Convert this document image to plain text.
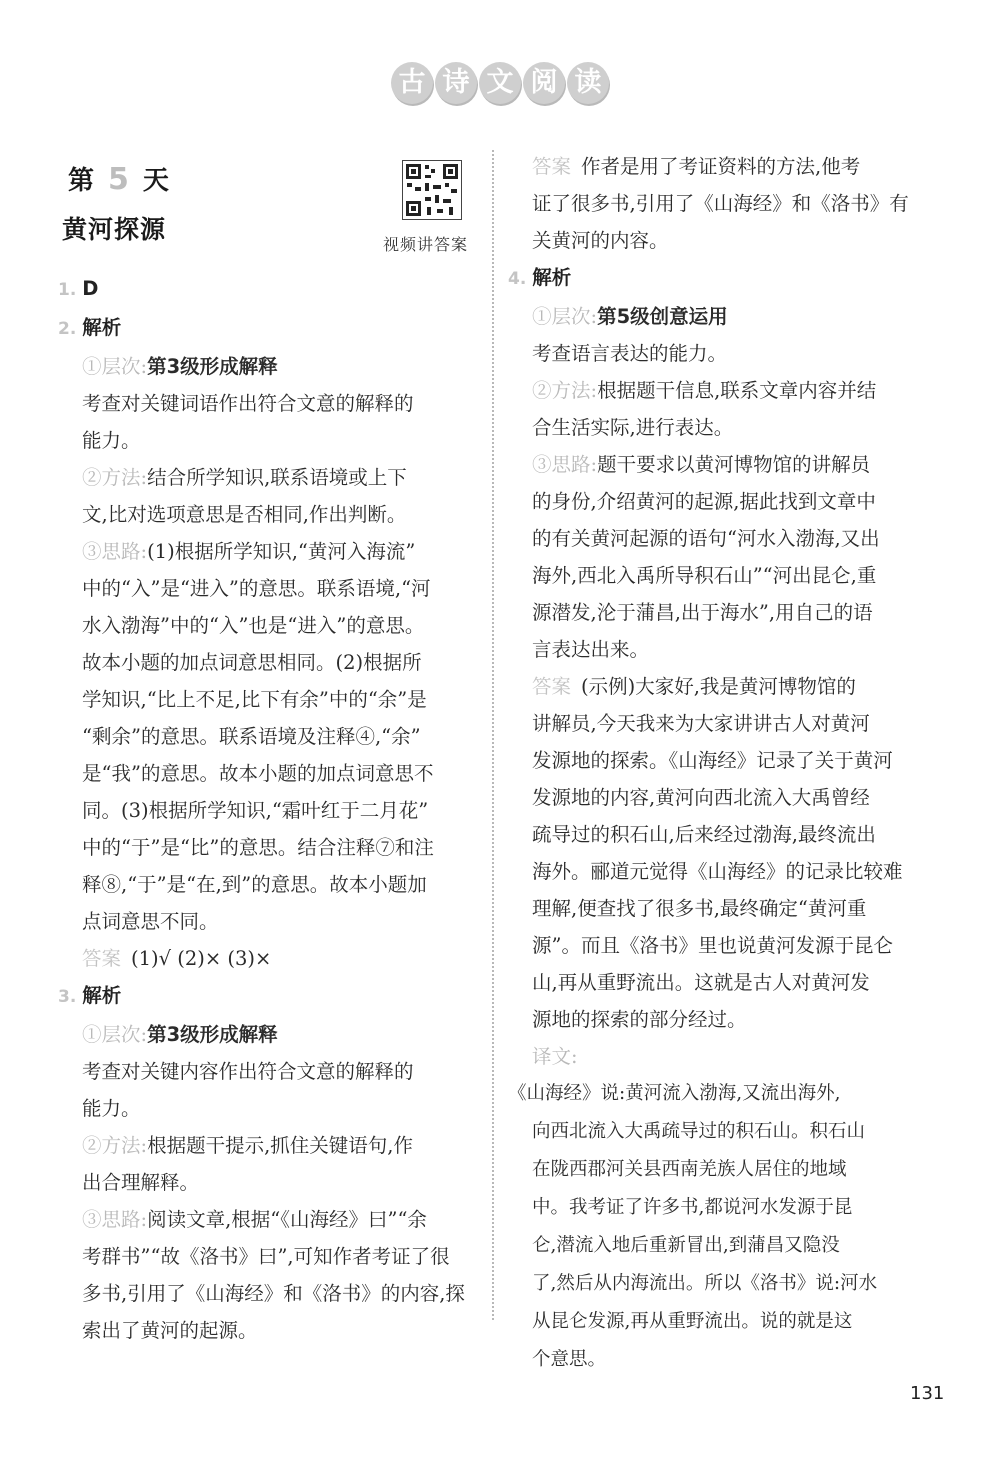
古 诗 文 阅 读
第 5 天
黄河探源
视频讲答案
1. D
2. 解析
①层次:第3级形成解释
考查对关键词语作出符合文意的解释的
能力。
②方法:结合所学知识,联系语境或上下
文,比对选项意思是否相同,作出判断。
③思路:(1)根据所学知识,“黄河入海流”
中的“入”是“进入”的意思。联系语境,“河
水入渤海”中的“入”也是“进入”的意思。
故本小题的加点词意思相同。(2)根据所
学知识,“比上不足,比下有余”中的“余”是
“剩余”的意思。联系语境及注释④,“余”
是“我”的意思。故本小题的加点词意思不
同。(3)根据所学知识,“霜叶红于二月花”
中的“于”是“比”的意思。结合注释⑦和注
释⑧,“于”是“在,到”的意思。故本小题加
点词意思不同。
答案 (1)√ (2)× (3)×
3. 解析
①层次:第3级形成解释
考查对关键内容作出符合文意的解释的
能力。
②方法:根据题干提示,抓住关键语句,作
出合理解释。
③思路:阅读文章,根据“《山海经》曰”“余
考群书”“故《洛书》曰”,可知作者考证了很
多书,引用了《山海经》和《洛书》的内容,探
索出了黄河的起源。
答案 作者是用了考证资料的方法,他考
证了很多书,引用了《山海经》和《洛书》有
关黄河的内容。
4. 解析
①层次:第5级创意运用
考查语言表达的能力。
②方法:根据题干信息,联系文章内容并结
合生活实际,进行表达。
③思路:题干要求以黄河博物馆的讲解员
的身份,介绍黄河的起源,据此找到文章中
的有关黄河起源的语句“河水入渤海,又出
海外,西北入禹所导积石山”“河出昆仑,重
源潜发,沦于蒲昌,出于海水”,用自己的语
言表达出来。
答案 (示例)大家好,我是黄河博物馆的
讲解员,今天我来为大家讲讲古人对黄河
发源地的探索。《山海经》记录了关于黄河
发源地的内容,黄河向西北流入大禹曾经
疏导过的积石山,后来经过渤海,最终流出
海外。郦道元觉得《山海经》的记录比较难
理解,便查找了很多书,最终确定“黄河重
源”。而且《洛书》里也说黄河发源于昆仑
山,再从重野流出。这就是古人对黄河发
源地的探索的部分经过。
译文:
《山海经》说:黄河流入渤海,又流出海外,
向西北流入大禹疏导过的积石山。积石山
在陇西郡河关县西南羌族人居住的地域
中。我考证了许多书,都说河水发源于昆
仑,潜流入地后重新冒出,到蒲昌又隐没
了,然后从内海流出。所以《洛书》说:河水
从昆仑发源,再从重野流出。说的就是这
个意思。
131
